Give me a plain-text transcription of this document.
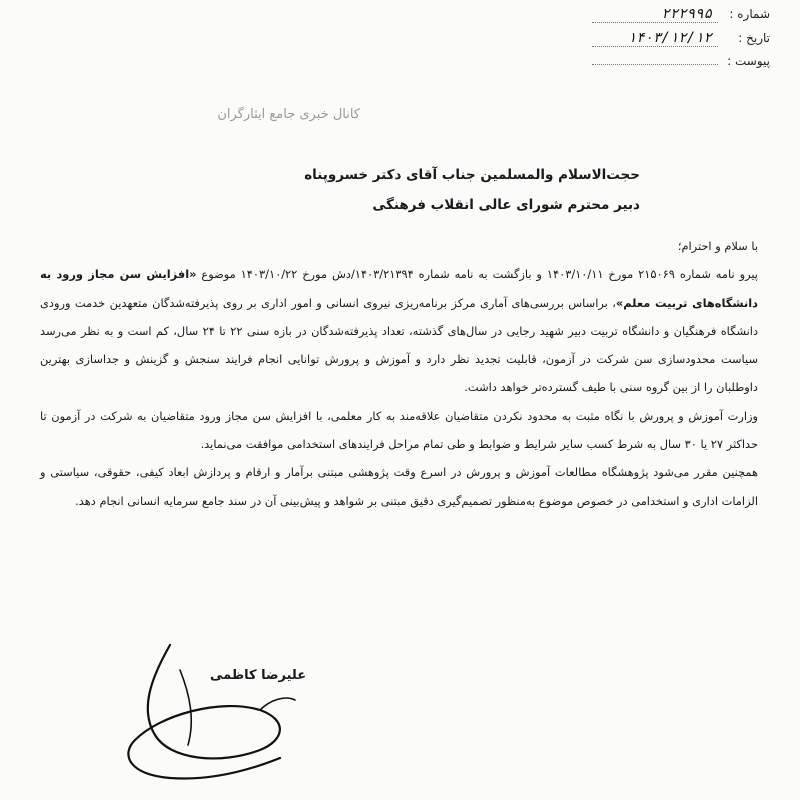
شماره :
۲۲۲۹۹۵
تاریخ :
۱۴۰۳/۱۲/۱۲
پیوست :
کانال خبری جامع ایثارگران
حجت‌الاسلام والمسلمین جناب آقای دکتر خسروپناه
دبیر محترم شورای عالی انقلاب فرهنگی

با سلام و احترام؛

پیرو نامه شماره ۲۱۵۰۶۹ مورخ ۱۴۰۳/۱۰/۱۱ و بازگشت به نامه شماره ۱۴۰۳/۲۱۳۹۴/دش مورخ ۱۴۰۳/۱۰/۲۲ موضوع «افزایش سن مجاز ورود به دانشگاه‌های تربیت معلم»، براساس بررسی‌های آماری مرکز برنامه‌ریزی نیروی انسانی و امور اداری بر روی پذیرفته‌شدگان متعهدین خدمت ورودی دانشگاه فرهنگیان و دانشگاه تربیت دبیر شهید رجایی در سال‌های گذشته، تعداد پذیرفته‌شدگان در بازه سنی ۲۲ تا ۲۴ سال، کم است و به نظر می‌رسد سیاست محدودسازی سن شرکت در آزمون، قابلیت تجدید نظر دارد و آموزش و پرورش توانایی انجام فرایند سنجش و گزینش و جداسازی بهترین داوطلبان را از بین گروه سنی با طیف گسترده‌تر خواهد داشت.

وزارت آموزش و پرورش با نگاه مثبت به محدود نکردن متقاضیان علاقه‌مند به کار معلمی، با افزایش سن مجاز ورود متقاضیان به شرکت در آزمون تا حداکثر ۲۷ یا ۳۰ سال به شرط کسب سایر شرایط و ضوابط و طی تمام مراحل فرایندهای استخدامی موافقت می‌نماید.

همچنین مقرر می‌شود پژوهشگاه مطالعات آموزش و پرورش در اسرع وقت پژوهشی مبتنی برآمار و ارقام و پردازش ابعاد کیفی، حقوقی، سیاستی و الزامات اداری و استخدامی در خصوص موضوع به‌منظور تصمیم‌گیری دقیق مبتنی بر شواهد و پیش‌بینی آن در سند جامع سرمایه انسانی انجام دهد.

علیرضا کاظمی
